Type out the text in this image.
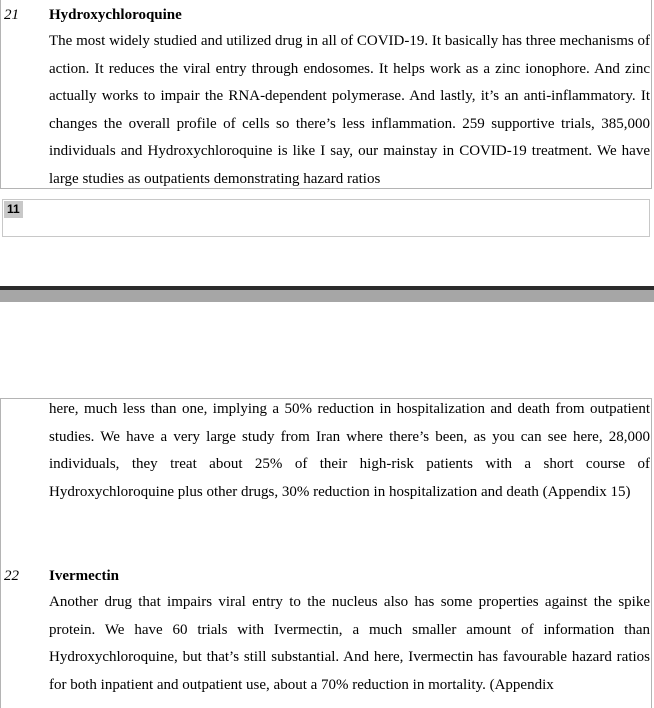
21 Hydroxychloroquine

The most widely studied and utilized drug in all of COVID-19. It basically has three mechanisms of action. It reduces the viral entry through endosomes. It helps work as a zinc ionophore. And zinc actually works to impair the RNA-dependent polymerase. And lastly, it’s an anti-inflammatory. It changes the overall profile of cells so there’s less inflammation. 259 supportive trials, 385,000 individuals and Hydroxychloroquine is like I say, our mainstay in COVID-19 treatment. We have large studies as outpatients demonstrating hazard ratios

11

here, much less than one, implying a 50% reduction in hospitalization and death from outpatient studies. We have a very large study from Iran where there’s been, as you can see here, 28,000 individuals, they treat about 25% of their high-risk patients with a short course of Hydroxychloroquine plus other drugs, 30% reduction in hospitalization and death (Appendix 15)

22 Ivermectin

Another drug that impairs viral entry to the nucleus also has some properties against the spike protein. We have 60 trials with Ivermectin, a much smaller amount of information than Hydroxychloroquine, but that’s still substantial. And here, Ivermectin has favourable hazard ratios for both inpatient and outpatient use, about a 70% reduction in mortality. (Appendix
